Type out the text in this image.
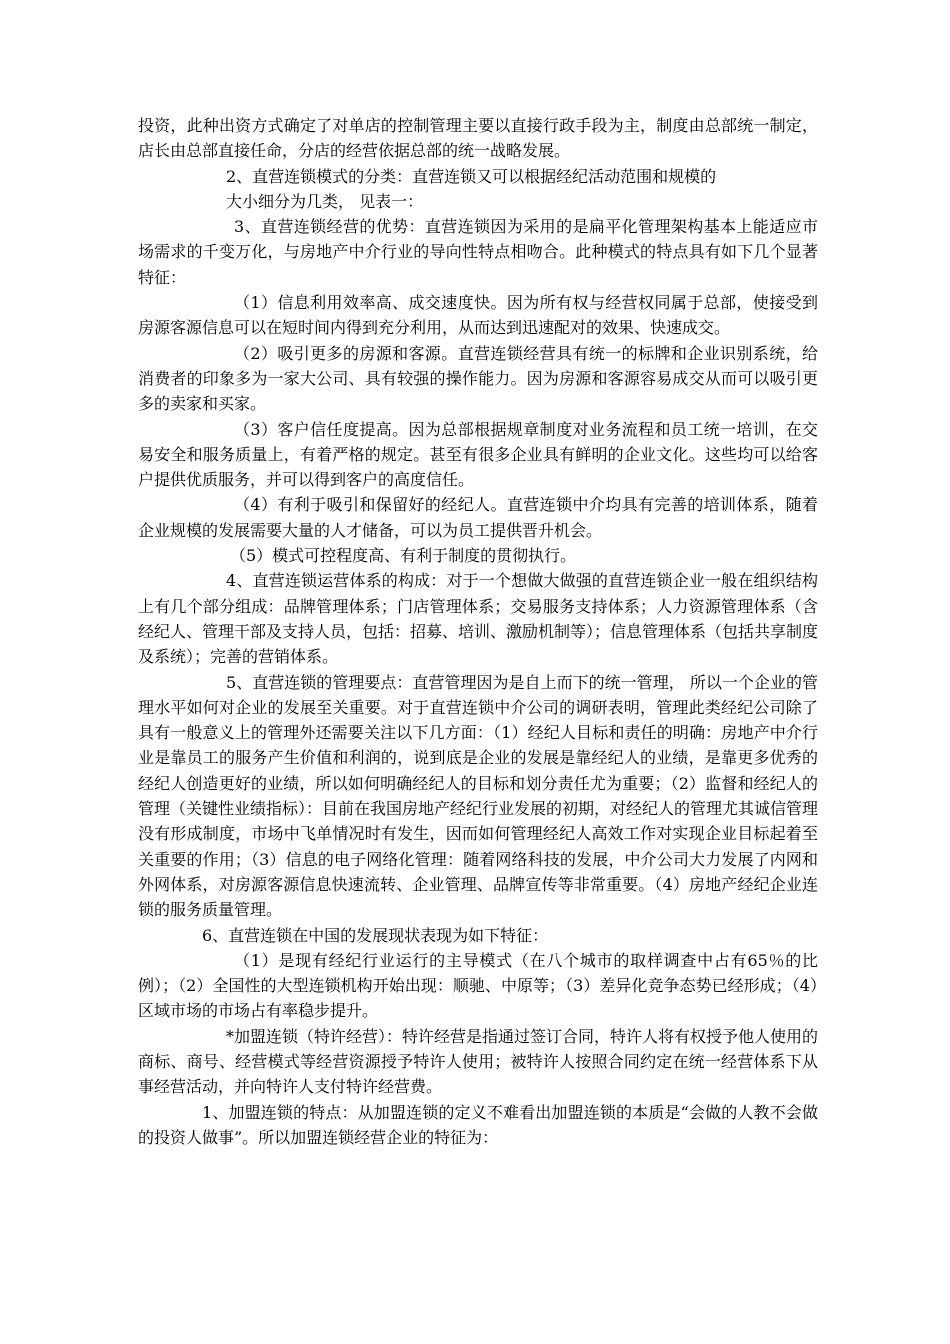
投资，此种出资方式确定了对单店的控制管理主要以直接行政手段为主，制度由总部统一制定，店长由总部直接任命，分店的经营依据总部的统一战略发展。

2、直营连锁模式的分类：直营连锁又可以根据经纪活动范围和规模的

大小细分为几类， 见表一：

3、直营连锁经营的优势：直营连锁因为采用的是扁平化管理架构基本上能适应市场需求的千变万化，与房地产中介行业的导向性特点相吻合。此种模式的特点具有如下几个显著特征：

（1）信息利用效率高、成交速度快。因为所有权与经营权同属于总部，使接受到房源客源信息可以在短时间内得到充分利用，从而达到迅速配对的效果、快速成交。

（2）吸引更多的房源和客源。直营连锁经营具有统一的标牌和企业识别系统，给消费者的印象多为一家大公司、具有较强的操作能力。因为房源和客源容易成交从而可以吸引更多的卖家和买家。

（3）客户信任度提高。因为总部根据规章制度对业务流程和员工统一培训，在交易安全和服务质量上，有着严格的规定。甚至有很多企业具有鲜明的企业文化。这些均可以给客户提供优质服务，并可以得到客户的高度信任。

（4）有利于吸引和保留好的经纪人。直营连锁中介均具有完善的培训体系，随着企业规模的发展需要大量的人才储备，可以为员工提供晋升机会。

（5）模式可控程度高、有利于制度的贯彻执行。

4、直营连锁运营体系的构成：对于一个想做大做强的直营连锁企业一般在组织结构上有几个部分组成：品牌管理体系；门店管理体系；交易服务支持体系；人力资源管理体系（含经纪人、管理干部及支持人员，包括：招募、培训、激励机制等）；信息管理体系（包括共享制度及系统）；完善的营销体系。

5、直营连锁的管理要点：直营管理因为是自上而下的统一管理， 所以一个企业的管理水平如何对企业的发展至关重要。对于直营连锁中介公司的调研表明，管理此类经纪公司除了具有一般意义上的管理外还需要关注以下几方面：（1）经纪人目标和责任的明确：房地产中介行业是靠员工的服务产生价值和利润的，说到底是企业的发展是靠经纪人的业绩，是靠更多优秀的经纪人创造更好的业绩，所以如何明确经纪人的目标和划分责任尤为重要；（2）监督和经纪人的管理（关键性业绩指标）：目前在我国房地产经纪行业发展的初期，对经纪人的管理尤其诚信管理没有形成制度，市场中飞单情况时有发生，因而如何管理经纪人高效工作对实现企业目标起着至关重要的作用；（3）信息的电子网络化管理：随着网络科技的发展，中介公司大力发展了内网和外网体系，对房源客源信息快速流转、企业管理、品牌宣传等非常重要。（4）房地产经纪企业连锁的服务质量管理。

6、直营连锁在中国的发展现状表现为如下特征：

（1）是现有经纪行业运行的主导模式（在八个城市的取样调查中占有65％的比例）；（2）全国性的大型连锁机构开始出现：顺驰、中原等；（3）差异化竞争态势已经形成；（4）区域市场的市场占有率稳步提升。

*加盟连锁（特许经营）：特许经营是指通过签订合同，特许人将有权授予他人使用的商标、商号、经营模式等经营资源授予特许人使用；被特许人按照合同约定在统一经营体系下从事经营活动，并向特许人支付特许经营费。

1、加盟连锁的特点：从加盟连锁的定义不难看出加盟连锁的本质是“会做的人教不会做的投资人做事”。所以加盟连锁经营企业的特征为：
